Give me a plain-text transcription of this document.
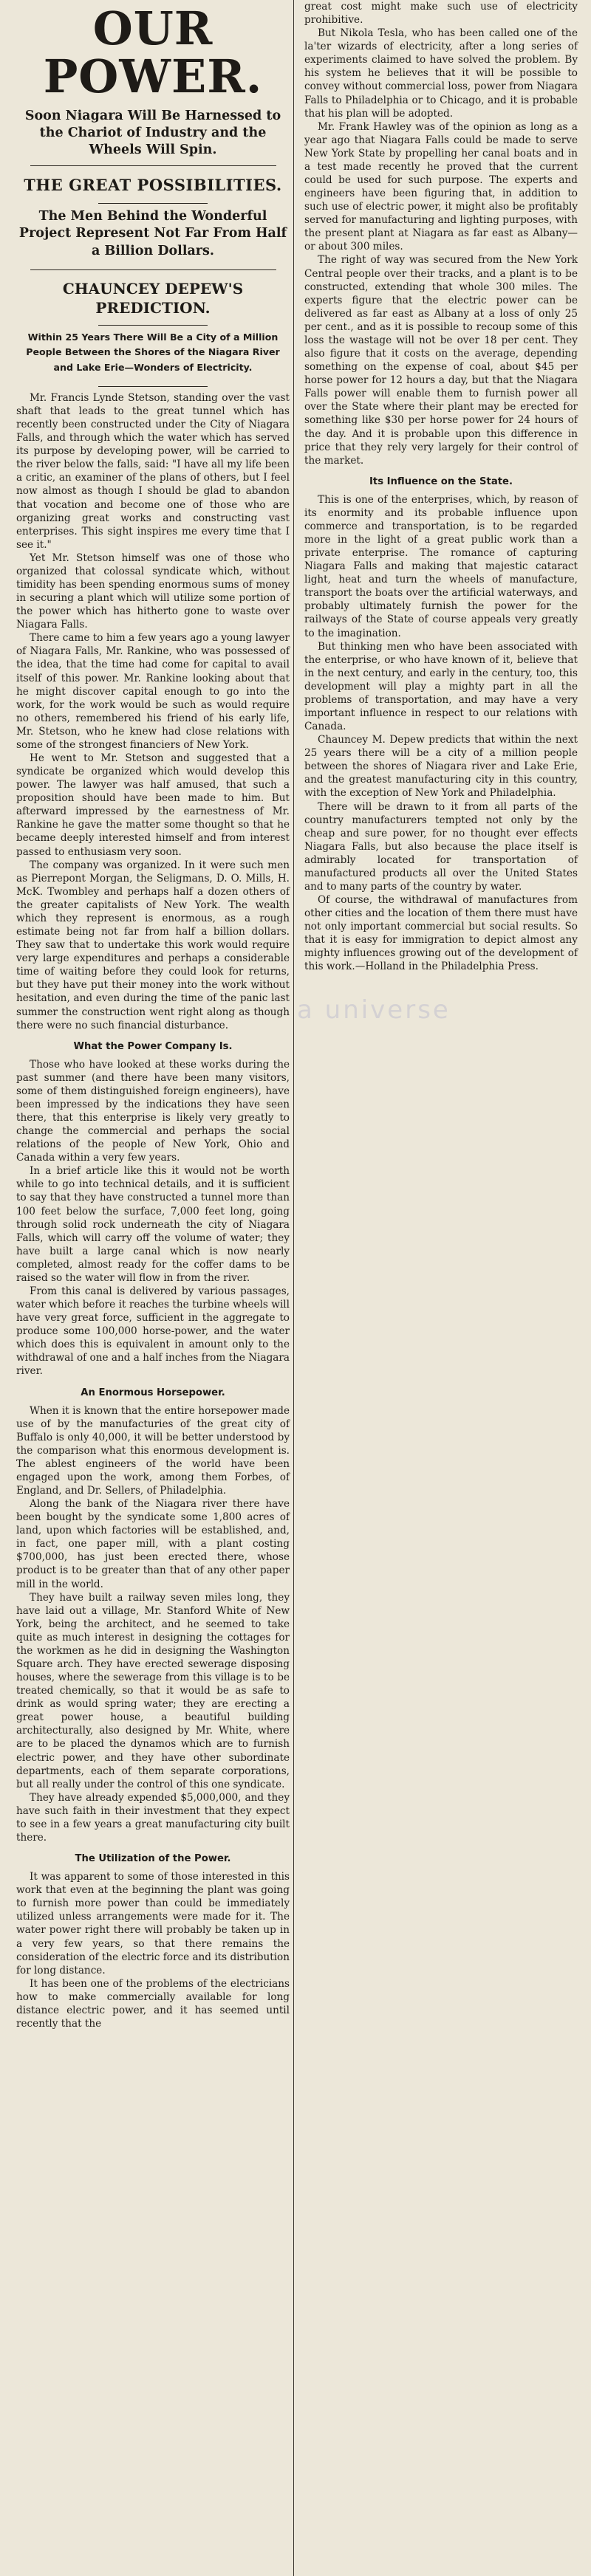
OUR POWER.
Soon Niagara Will Be Harnessed to the Chariot of Industry and the Wheels Will Spin.
THE GREAT POSSIBILITIES.
The Men Behind the Wonderful Project Represent Not Far From Half a Billion Dollars.
CHAUNCEY DEPEW'S PREDICTION.
Within 25 Years There Will Be a City of a Million People Between the Shores of the Niagara River and Lake Erie—Wonders of Electricity.

Mr. Francis Lynde Stetson, standing over the vast shaft that leads to the great tunnel which has recently been constructed under the City of Niagara Falls, and through which the water which has served its purpose by developing power, will be carried to the river below the falls, said: "I have all my life been a critic, an examiner of the plans of others, but I feel now almost as though I should be glad to abandon that vocation and become one of those who are organizing great works and constructing vast enterprises. This sight inspires me every time that I see it."

Yet Mr. Stetson himself was one of those who organized that colossal syndicate which, without timidity has been spending enormous sums of money in securing a plant which will utilize some portion of the power which has hitherto gone to waste over Niagara Falls.

There came to him a few years ago a young lawyer of Niagara Falls, Mr. Rankine, who was possessed of the idea, that the time had come for capital to avail itself of this power. Mr. Rankine looking about that he might discover capital enough to go into the work, for the work would be such as would require no others, remembered his friend of his early life, Mr. Stetson, who he knew had close relations with some of the strongest financiers of New York.

He went to Mr. Stetson and suggested that a syndicate be organized which would develop this power. The lawyer was half amused, that such a proposition should have been made to him. But afterward impressed by the earnestness of Mr. Rankine he gave the matter some thought so that he became deeply interested himself and from interest passed to enthusiasm very soon.

The company was organized. In it were such men as Pierrepont Morgan, the Seligmans, D. O. Mills, H. McK. Twombley and perhaps half a dozen others of the greater capitalists of New York. The wealth which they represent is enormous, as a rough estimate being not far from half a billion dollars. They saw that to undertake this work would require very large expenditures and perhaps a considerable time of waiting before they could look for returns, but they have put their money into the work without hesitation, and even during the time of the panic last summer the construction went right along as though there were no such financial disturbance.

What the Power Company Is.

Those who have looked at these works during the past summer (and there have been many visitors, some of them distinguished foreign engineers), have been impressed by the indications they have seen there, that this enterprise is likely very greatly to change the commercial and perhaps the social relations of the people of New York, Ohio and Canada within a very few years.

In a brief article like this it would not be worth while to go into technical details, and it is sufficient to say that they have constructed a tunnel more than 100 feet below the surface, 7,000 feet long, going through solid rock underneath the city of Niagara Falls, which will carry off the volume of water; they have built a large canal which is now nearly completed, almost ready for the coffer dams to be raised so the water will flow in from the river.

From this canal is delivered by various passages, water which before it reaches the turbine wheels will have very great force, sufficient in the aggregate to produce some 100,000 horse-power, and the water which does this is equivalent in amount only to the withdrawal of one and a half inches from the Niagara river.

An Enormous Horsepower.

When it is known that the entire horsepower made use of by the manufacturies of the great city of Buffalo is only 40,000, it will be better understood by the comparison what this enormous development is. The ablest engineers of the world have been engaged upon the work, among them Forbes, of England, and Dr. Sellers, of Philadelphia.

Along the bank of the Niagara river there have been bought by the syndicate some 1,800 acres of land, upon which factories will be established, and, in fact, one paper mill, with a plant costing $700,000, has just been erected there, whose product is to be greater than that of any other paper mill in the world.

They have built a railway seven miles long, they have laid out a village, Mr. Stanford White of New York, being the architect, and he seemed to take quite as much interest in designing the cottages for the workmen as he did in designing the Washington Square arch. They have erected sewerage disposing houses, where the sewerage from this village is to be treated chemically, so that it would be as safe to drink as would spring water; they are erecting a great power house, a beautiful building architecturally, also designed by Mr. White, where are to be placed the dynamos which are to furnish electric power, and they have other subordinate departments, each of them separate corporations, but all really under the control of this one syndicate.

They have already expended $5,000,000, and they have such faith in their investment that they expect to see in a few years a great manufacturing city built there.

The Utilization of the Power.

It was apparent to some of those interested in this work that even at the beginning the plant was going to furnish more power than could be immediately utilized unless arrangements were made for it. The water power right there will probably be taken up in a very few years, so that there remains the consideration of the electric force and its distribution for long distance.

It has been one of the problems of the electricians how to make commercially available for long distance electric power, and it has seemed until recently that the

great cost might make such use of electricity prohibitive.

But Nikola Tesla, who has been called one of the la'ter wizards of electricity, after a long series of experiments claimed to have solved the problem. By his system he believes that it will be possible to convey without commercial loss, power from Niagara Falls to Philadelphia or to Chicago, and it is probable that his plan will be adopted.

Mr. Frank Hawley was of the opinion as long as a year ago that Niagara Falls could be made to serve New York State by propelling her canal boats and in a test made recently he proved that the current could be used for such purpose. The experts and engineers have been figuring that, in addition to such use of electric power, it might also be profitably served for manufacturing and lighting purposes, with the present plant at Niagara as far east as Albany—or about 300 miles.

The right of way was secured from the New York Central people over their tracks, and a plant is to be constructed, extending that whole 300 miles. The experts figure that the electric power can be delivered as far east as Albany at a loss of only 25 per cent., and as it is possible to recoup some of this loss the wastage will not be over 18 per cent. They also figure that it costs on the average, depending something on the expense of coal, about $45 per horse power for 12 hours a day, but that the Niagara Falls power will enable them to furnish power all over the State where their plant may be erected for something like $30 per horse power for 24 hours of the day. And it is probable upon this difference in price that they rely very largely for their control of the market.

Its Influence on the State.

This is one of the enterprises, which, by reason of its enormity and its probable influence upon commerce and transportation, is to be regarded more in the light of a great public work than a private enterprise. The romance of capturing Niagara Falls and making that majestic cataract light, heat and turn the wheels of manufacture, transport the boats over the artificial waterways, and probably ultimately furnish the power for the railways of the State of course appeals very greatly to the imagination.

But thinking men who have been associated with the enterprise, or who have known of it, believe that in the next century, and early in the century, too, this development will play a mighty part in all the problems of transportation, and may have a very important influence in respect to our relations with Canada.

Chauncey M. Depew predicts that within the next 25 years there will be a city of a million people between the shores of Niagara river and Lake Erie, and the greatest manufacturing city in this country, with the exception of New York and Philadelphia.

There will be drawn to it from all parts of the country manufacturers tempted not only by the cheap and sure power, for no thought ever effects Niagara Falls, but also because the place itself is admirably located for transportation of manufactured products all over the United States and to many parts of the country by water.

Of course, the withdrawal of manufactures from other cities and the location of them there must have not only important commercial but social results. So that it is easy for immigration to depict almost any mighty influences growing out of the development of this work.—Holland in the Philadelphia Press.

a universe
